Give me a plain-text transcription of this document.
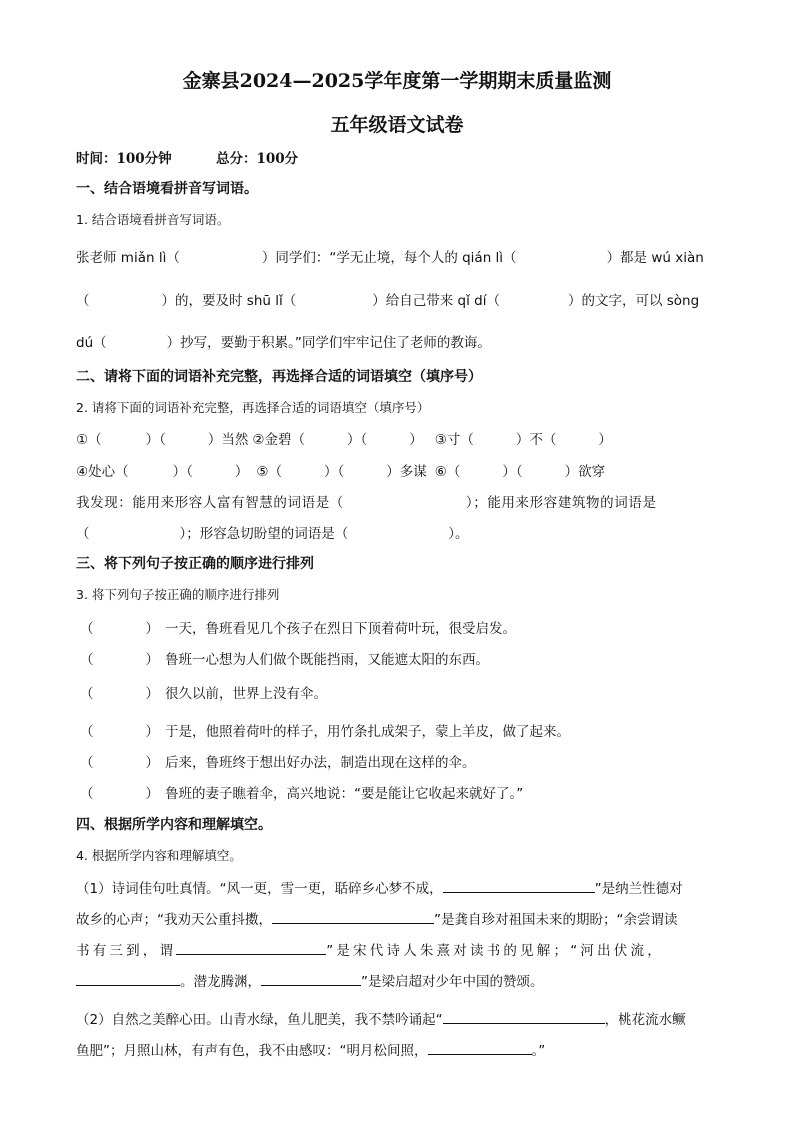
金寨县2024—2025学年度第一学期期末质量监测
五年级语文试卷
时间：100分钟	总分：100分
一、结合语境看拼音写词语。
1. 结合语境看拼音写词语。
张老师 miǎn lì（	）同学们：“学无止境，每个人的 qián lì（	）都是 wú xiàn
（	）的，要及时 shū lǐ（	）给自己带来 qǐ dí（	）的文字，可以 sòng
dú（	）抄写，要勤于积累。”同学们牢牢记住了老师的教诲。
二、请将下面的词语补充完整，再选择合适的词语填空（填序号）
2. 请将下面的词语补充完整，再选择合适的词语填空（填序号）
①（	）（	）当然 ②金碧（	）（	） ③寸（	）不（	）
④处心（	）（	） ⑤（	）（	）多谋 ⑥（	）（	）欲穿
我发现：能用来形容人富有智慧的词语是（	）；能用来形容建筑物的词语是
（	）；形容急切盼望的词语是（	）。
三、将下列句子按正确的顺序进行排列
3. 将下列句子按正确的顺序进行排列
（	） 一天，鲁班看见几个孩子在烈日下顶着荷叶玩，很受启发。
（	） 鲁班一心想为人们做个既能挡雨，又能遮太阳的东西。
（	） 很久以前，世界上没有伞。
（	） 于是，他照着荷叶的样子，用竹条扎成架子，蒙上羊皮，做了起来。
（	） 后来，鲁班终于想出好办法，制造出现在这样的伞。
（	） 鲁班的妻子瞧着伞，高兴地说：“要是能让它收起来就好了。”
四、根据所学内容和理解填空。
4. 根据所学内容和理解填空。
（1）诗词佳句吐真情。“风一更，雪一更，聒碎乡心梦不成，	”是纳兰性德对
故乡的心声；“我劝天公重抖擞，	”是龚自珍对祖国未来的期盼；“余尝谓读
书有三到，谓	”是宋代诗人朱熹对读书的见解；“河出伏流，
。潜龙腾渊，	”是梁启超对少年中国的赞颂。
（2）自然之美醉心田。山青水绿，鱼儿肥美，我不禁吟诵起“	，桃花流水鳜
鱼肥”；月照山林，有声有色，我不由感叹：“明月松间照，	。”
